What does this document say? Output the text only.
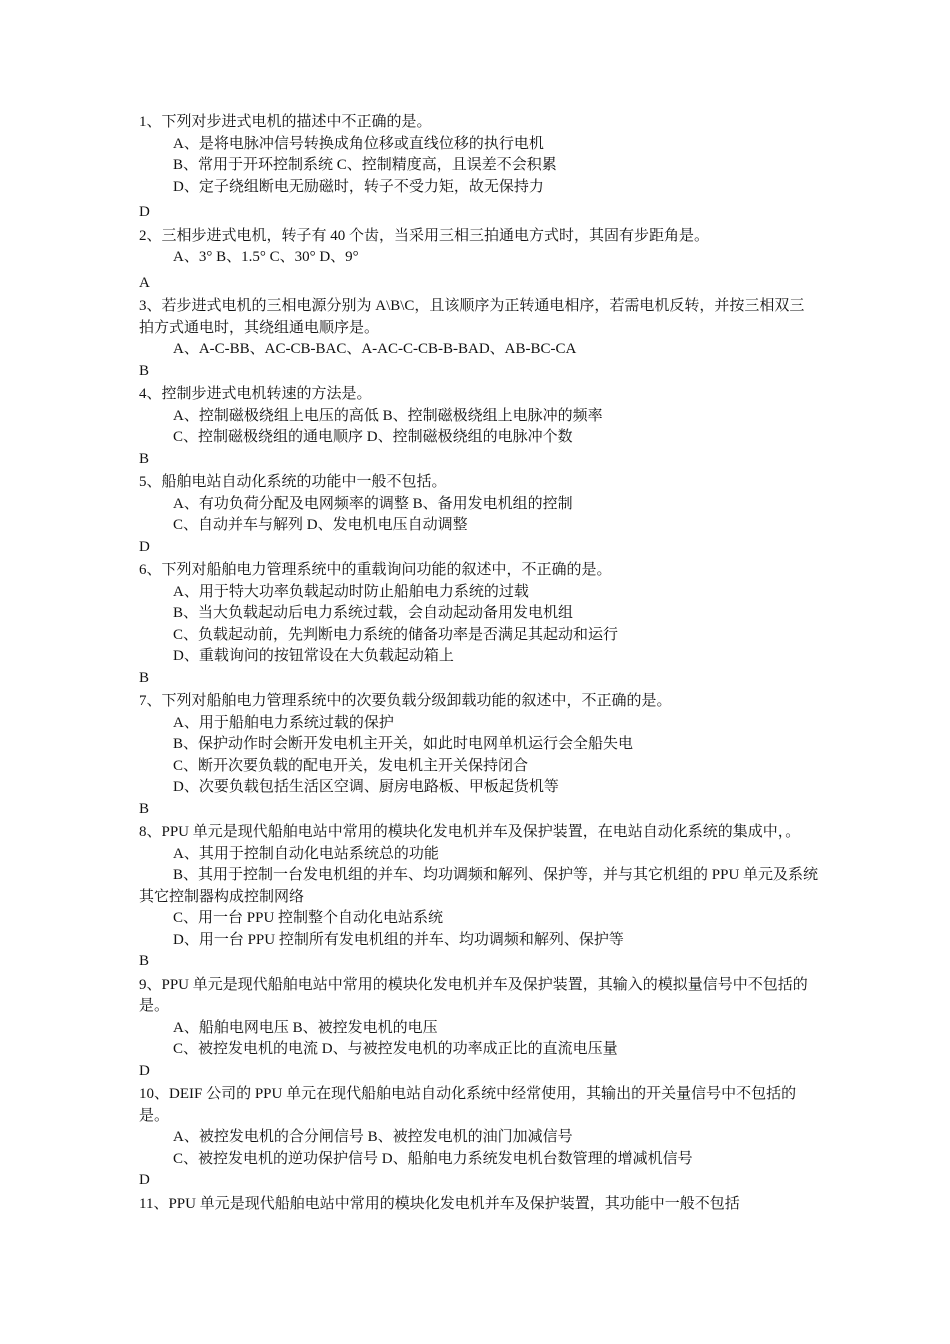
1、下列对步进式电机的描述中不正确的是。

A、是将电脉冲信号转换成角位移或直线位移的执行电机

B、常用于开环控制系统 C、控制精度高，且误差不会积累

D、定子绕组断电无励磁时，转子不受力矩，故无保持力

D

2、三相步进式电机，转子有 40 个齿，当采用三相三拍通电方式时，其固有步距角是。

A、3° B、1.5° C、30° D、9°

A

3、若步进式电机的三相电源分别为 A\B\C，且该顺序为正转通电相序，若需电机反转，并按三相双三拍方式通电时，其绕组通电顺序是。

A、A-C-BB、AC-CB-BAC、A-AC-C-CB-B-BAD、AB-BC-CA

B

4、控制步进式电机转速的方法是。

A、控制磁极绕组上电压的高低 B、控制磁极绕组上电脉冲的频率

C、控制磁极绕组的通电顺序 D、控制磁极绕组的电脉冲个数

B

5、船舶电站自动化系统的功能中一般不包括。

A、有功负荷分配及电网频率的调整 B、备用发电机组的控制

C、自动并车与解列 D、发电机电压自动调整

D

6、下列对船舶电力管理系统中的重载询问功能的叙述中，不正确的是。

A、用于特大功率负载起动时防止船舶电力系统的过载

B、当大负载起动后电力系统过载，会自动起动备用发电机组

C、负载起动前，先判断电力系统的储备功率是否满足其起动和运行

D、重载询问的按钮常设在大负载起动箱上

B

7、下列对船舶电力管理系统中的次要负载分级卸载功能的叙述中，不正确的是。

A、用于船舶电力系统过载的保护

B、保护动作时会断开发电机主开关，如此时电网单机运行会全船失电

C、断开次要负载的配电开关，发电机主开关保持闭合

D、次要负载包括生活区空调、厨房电路板、甲板起货机等

B

8、PPU 单元是现代船舶电站中常用的模块化发电机并车及保护装置，在电站自动化系统的集成中，。

A、其用于控制自动化电站系统总的功能

B、其用于控制一台发电机组的并车、均功调频和解列、保护等，并与其它机组的 PPU 单元及系统其它控制器构成控制网络

C、用一台 PPU 控制整个自动化电站系统

D、用一台 PPU 控制所有发电机组的并车、均功调频和解列、保护等

B

9、PPU 单元是现代船舶电站中常用的模块化发电机并车及保护装置，其输入的模拟量信号中不包括的是。

A、船舶电网电压 B、被控发电机的电压

C、被控发电机的电流 D、与被控发电机的功率成正比的直流电压量

D

10、DEIF 公司的 PPU 单元在现代船舶电站自动化系统中经常使用，其输出的开关量信号中不包括的是。

A、被控发电机的合分闸信号 B、被控发电机的油门加减信号

C、被控发电机的逆功保护信号 D、船舶电力系统发电机台数管理的增减机信号

D

11、PPU 单元是现代船舶电站中常用的模块化发电机并车及保护装置，其功能中一般不包括
